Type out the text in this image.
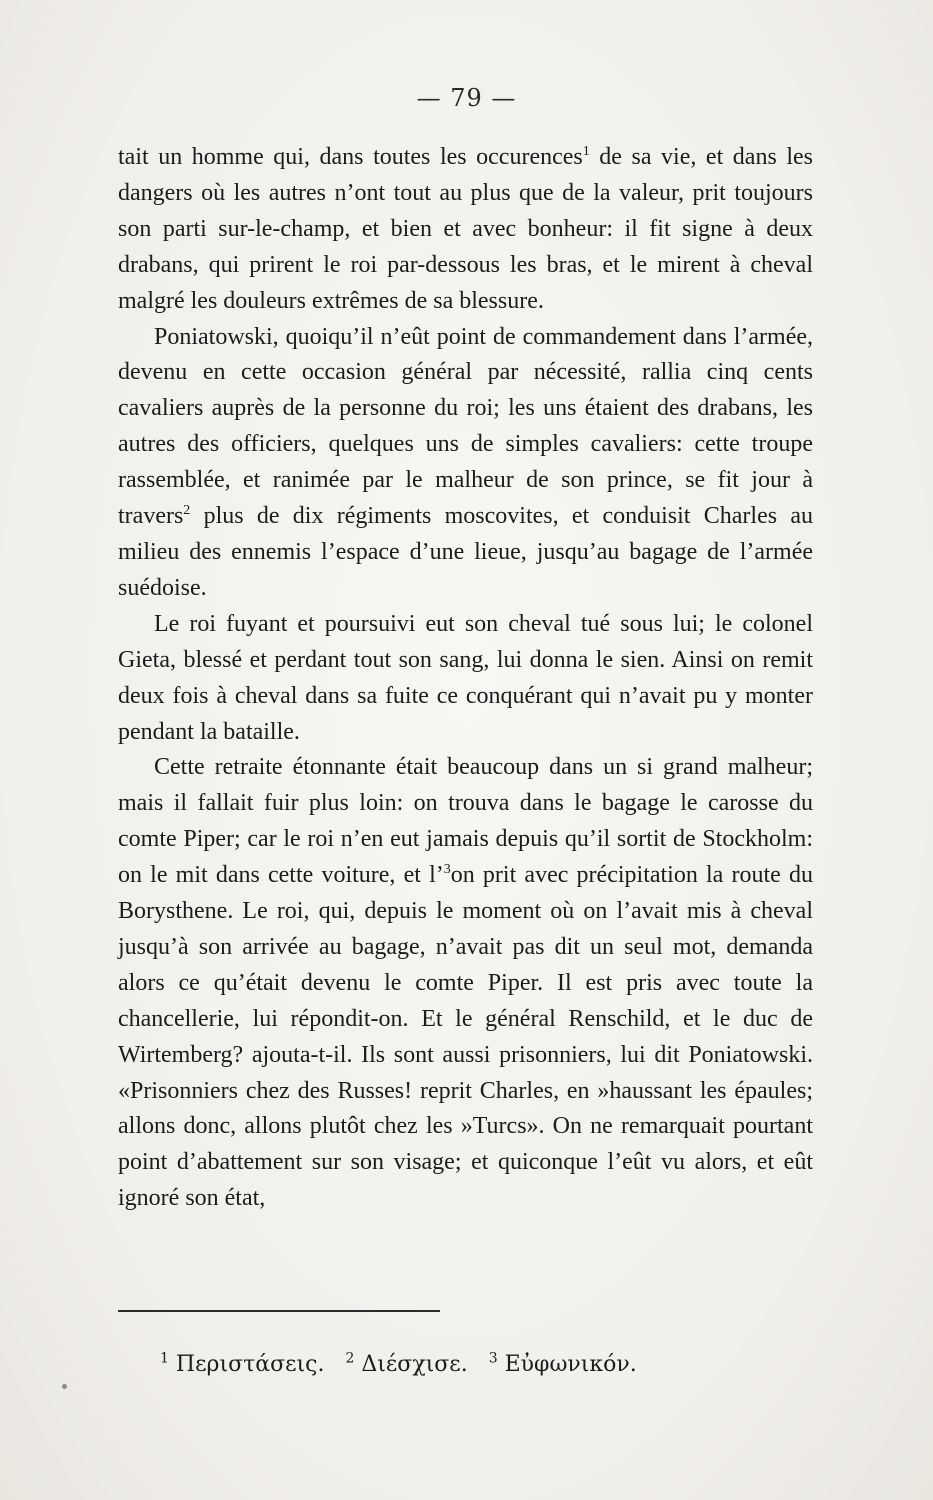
— 79 —

tait un homme qui, dans toutes les occurences$^1$ de sa vie, et dans les dangers où les autres n’ont tout au plus que de la valeur, prit toujours son parti sur-le-champ, et bien et avec bonheur: il fit signe à deux drabans, qui prirent le roi par-dessous les bras, et le mirent à cheval malgré les douleurs extrêmes de sa blessure.

Poniatowski, quoiqu’il n’eût point de commandement dans l’armée, devenu en cette occasion général par nécessité, rallia cinq cents cavaliers auprès de la personne du roi; les uns étaient des drabans, les autres des officiers, quelques uns de simples cavaliers: cette troupe rassemblée, et ranimée par le malheur de son prince, se fit jour à travers$^2$ plus de dix régiments moscovites, et conduisit Charles au milieu des ennemis l’espace d’une lieue, jusqu’au bagage de l’armée suédoise.

Le roi fuyant et poursuivi eut son cheval tué sous lui; le colonel Gieta, blessé et perdant tout son sang, lui donna le sien. Ainsi on remit deux fois à cheval dans sa fuite ce conquérant qui n’avait pu y monter pendant la bataille.

Cette retraite étonnante était beaucoup dans un si grand malheur; mais il fallait fuir plus loin: on trouva dans le bagage le carosse du comte Piper; car le roi n’en eut jamais depuis qu’il sortit de Stockholm: on le mit dans cette voiture, et l’$^3$on prit avec précipitation la route du Borysthene. Le roi, qui, depuis le moment où on l’avait mis à cheval jusqu’à son arrivée au bagage, n’avait pas dit un seul mot, demanda alors ce qu’était devenu le comte Piper. Il est pris avec toute la chancellerie, lui répondit-on. Et le général Renschild, et le duc de Wirtemberg? ajouta-t-il. Ils sont aussi prisonniers, lui dit Poniatowski. «Prisonniers chez des Russes! reprit Charles, en »haussant les épaules; allons donc, allons plutôt chez les »Turcs». On ne remarquait pourtant point d’abattement sur son visage; et quiconque l’eût vu alors, et eût ignoré son état,

$^1$ Περιστάσεις. $^2$ Διέσχισε. $^3$ Εὐφωνικόν.
